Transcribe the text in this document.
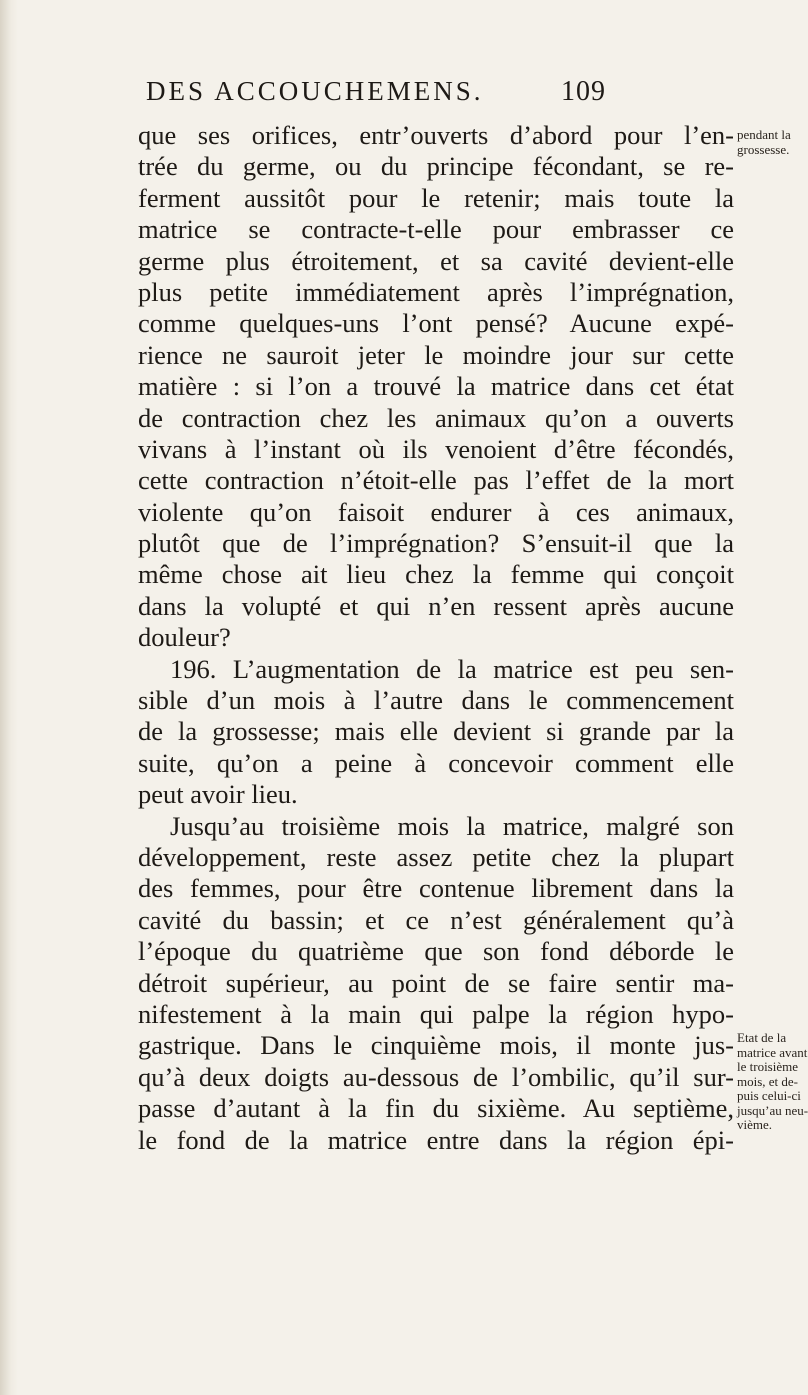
DES ACCOUCHEMENS.	109
que ses orifices, entr’ouverts d’abord pour l’en-
trée du germe, ou du principe fécondant, se re-
ferment aussitôt pour le retenir; mais toute la
matrice se contracte-t-elle pour embrasser ce
germe plus étroitement, et sa cavité devient-elle
plus petite immédiatement après l’imprégnation,
comme quelques-uns l’ont pensé? Aucune expé-
rience ne sauroit jeter le moindre jour sur cette
matière : si l’on a trouvé la matrice dans cet état
de contraction chez les animaux qu’on a ouverts
vivans à l’instant où ils venoient d’être fécondés,
cette contraction n’étoit-elle pas l’effet de la mort
violente qu’on faisoit endurer à ces animaux,
plutôt que de l’imprégnation? S’ensuit-il que la
même chose ait lieu chez la femme qui conçoit
dans la volupté et qui n’en ressent après aucune
douleur?
196. L’augmentation de la matrice est peu sen-
sible d’un mois à l’autre dans le commencement
de la grossesse; mais elle devient si grande par la
suite, qu’on a peine à concevoir comment elle
peut avoir lieu.
Jusqu’au troisième mois la matrice, malgré son
développement, reste assez petite chez la plupart
des femmes, pour être contenue librement dans la
cavité du bassin; et ce n’est généralement qu’à
l’époque du quatrième que son fond déborde le
détroit supérieur, au point de se faire sentir ma-
nifestement à la main qui palpe la région hypo-
gastrique. Dans le cinquième mois, il monte jus-
qu’à deux doigts au-dessous de l’ombilic, qu’il sur-
passe d’autant à la fin du sixième. Au septième,
le fond de la matrice entre dans la région épi-
pendant la
grossesse.
Etat de la
matrice avant
le troisième
mois, et de-
puis celui-ci
jusqu’au neu-
vième.
